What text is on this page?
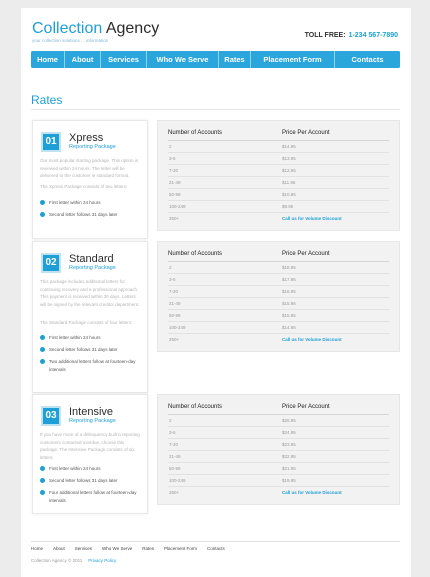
Collection Agency
your collection solutions ... information
TOLL FREE: 1-234 567-7890
Home	About	Services	Who We Serve	Rates	Placement Form	Contacts
Rates
01	Xpress
Reporting Package
Our most popular starting package. This option is reviewed within 24 hours. The letter will be delivered to the customer in standard format.
The Xpress Package consists of two letters:
First letter within 24 hours
Second letter follows 31 days later
Number of Accounts	Price Per Account
2	$14.95
3-6	$13.95
7-20	$12.95
21-49	$11.95
50-99	$10.95
100-249	$9.95
250+	Call us for Volume Discount
02	Standard
Reporting Package
This package includes additional letters for continuing recovery and a professional approach. This payment is received within 30 days. Letters will be signed by the relevant creditor department.
The Standard Package consists of four letters:
First letter within 24 hours
Second letter follows 31 days later
Two additional letters follow at fourteen-day intervals
Number of Accounts	Price Per Account
2	$18.95
3-6	$17.95
7-20	$16.95
21-49	$15.95
50-99	$15.95
100-249	$14.95
250+	Call us for Volume Discount
03	Intensive
Reporting Package
If you have more of a delinquency built a reporting customers contacted overdue, choose this package. The Intensive Package consists of six letters:
First letter within 24 hours
Second letter follows 31 days later
Four additional letters follow at fourteen-day intervals
Number of Accounts	Price Per Account
2	$26.95
3-6	$24.95
7-20	$23.95
21-49	$22.95
50-99	$21.95
100-249	$19.95
250+	Call us for Volume Discount
Home About Services Who We Serve Rates Placement Form Contacts
Collection Agency © 2011 Privacy Policy
